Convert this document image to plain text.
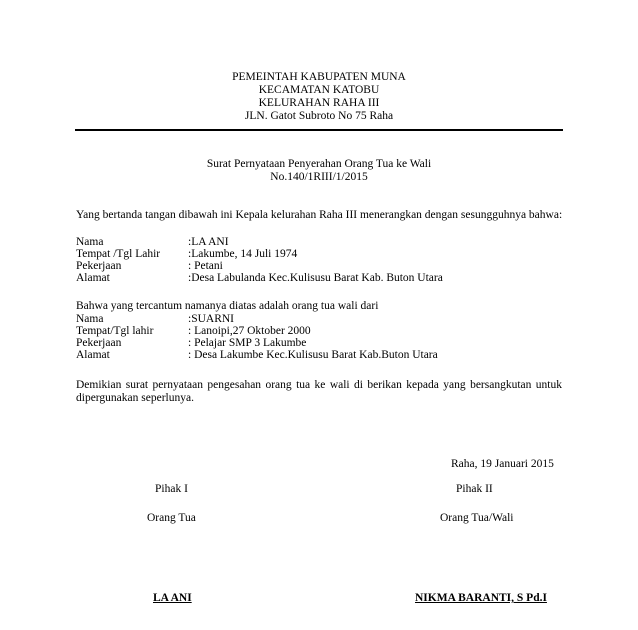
PEMEINTAH KABUPATEN MUNA
KECAMATAN KATOBU
KELURAHAN RAHA III
JLN. Gatot Subroto No 75 Raha
Surat Pernyataan Penyerahan Orang Tua ke Wali
No.140/1RIII/1/2015
Yang bertanda tangan dibawah ini Kepala kelurahan Raha III menerangkan dengan sesungguhnya bahwa:
Nama	:LA ANI
Tempat /Tgl Lahir :Lakumbe, 14 Juli 1974
Pekerjaan	: Petani
Alamat	:Desa Labulanda Kec.Kulisusu Barat Kab. Buton Utara
Bahwa yang tercantum namanya diatas adalah orang tua wali dari
Nama	:SUARNI
Tempat/Tgl lahir	: Lanoipi,27 Oktober 2000
Pekerjaan	: Pelajar SMP 3 Lakumbe
Alamat	: Desa Lakumbe Kec.Kulisusu Barat Kab.Buton Utara
Demikian surat pernyataan pengesahan orang tua ke wali di berikan kepada yang bersangkutan untuk
dipergunakan seperlunya.
Raha, 19 Januari 2015
Pihak I	Pihak II
Orang Tua	Orang Tua/Wali
LA ANI	NIKMA BARANTI, S Pd.I
